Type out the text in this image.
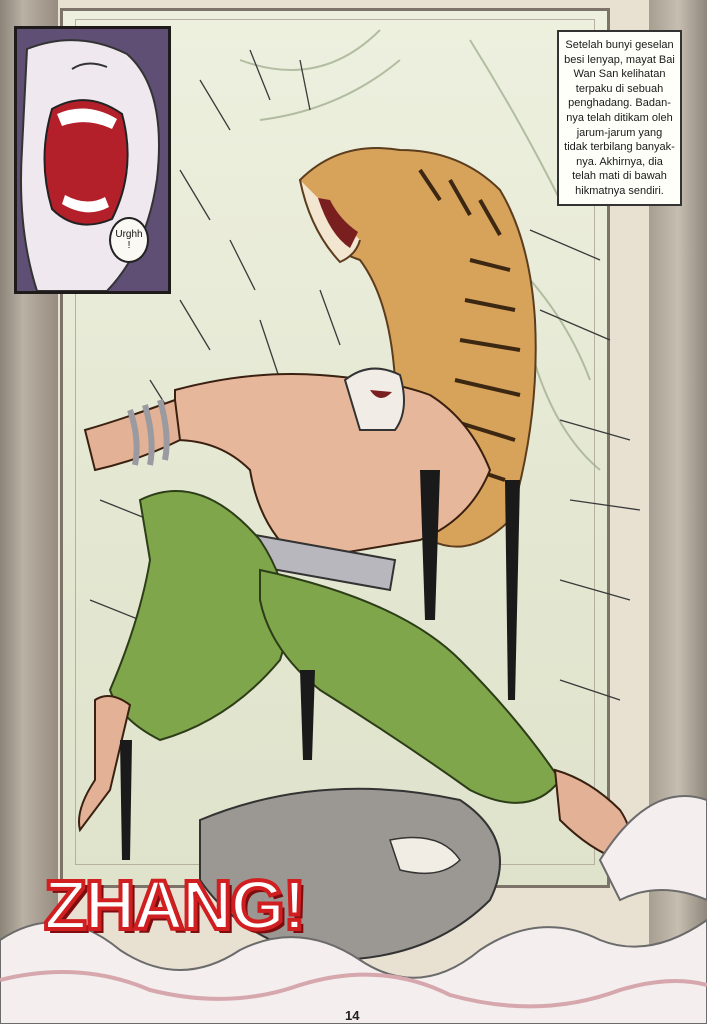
Urghh
!
Setelah bunyi geselan besi lenyap, mayat Bai Wan San kelihatan terpaku di sebuah penghadang. Badan-nya telah ditikam oleh jarum-jarum yang tidak terbilang banyak-nya. Akhirnya, dia telah mati di bawah hikmatnya sendiri.
ZHANG!
14
